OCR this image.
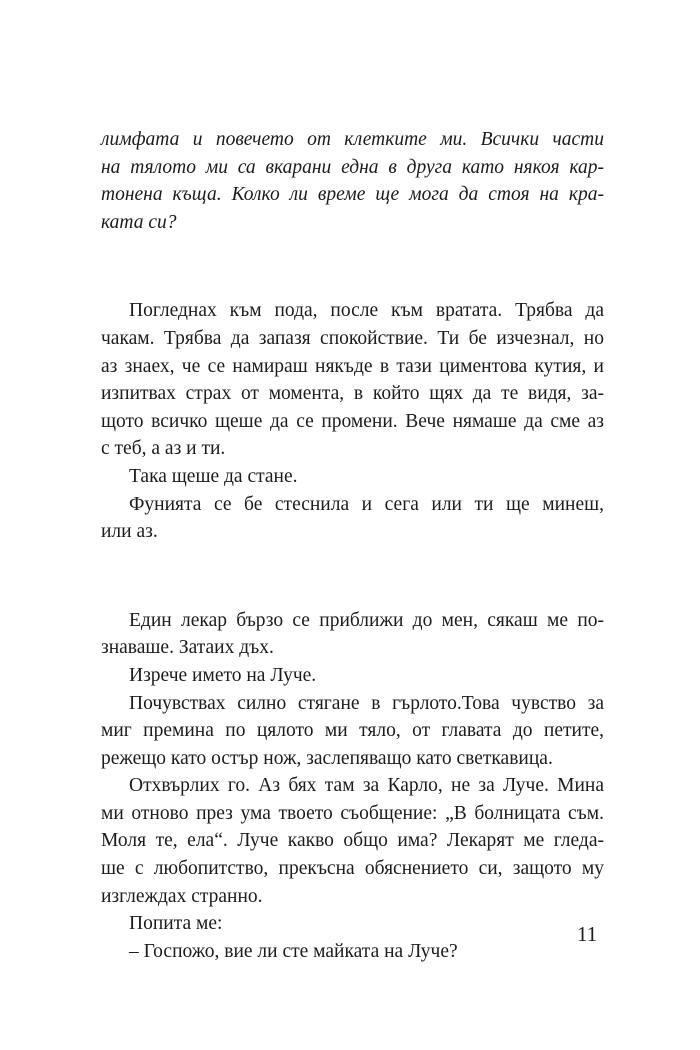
лимфата и повечето от клетките ми. Всички части
на тялото ми са вкарани една в друга като някоя кар-
тонена къща. Колко ли време ще мога да стоя на кра-
ката си?
Погледнах към пода, после към вратата. Трябва да
чакам. Трябва да запазя спокойствие. Ти бе изчезнал, но
аз знаех, че се намираш някъде в тази циментова кутия, и
изпитвах страх от момента, в който щях да те видя, за-
щото всичко щеше да се промени. Вече нямаше да сме аз
с теб, а аз и ти.
Така щеше да стане.
Фунията се бе стеснила и сега или ти ще минеш,
или аз.
Един лекар бързо се приближи до мен, сякаш ме по-
знаваше. Затаих дъх.
Изрече името на Луче.
Почувствах силно стягане в гърлото.Това чувство за
миг премина по цялото ми тяло, от главата до петите,
режещо като остър нож, заслепяващо като светкавица.
Отхвърлих го. Аз бях там за Карло, не за Луче. Мина
ми отново през ума твоето съобщение: „В болницата съм.
Моля те, ела“. Луче какво общо има? Лекарят ме гледа-
ше с любопитство, прекъсна обяснението си, защото му
изглеждах странно.
Попита ме:
– Госпожо, вие ли сте майката на Луче?
11
